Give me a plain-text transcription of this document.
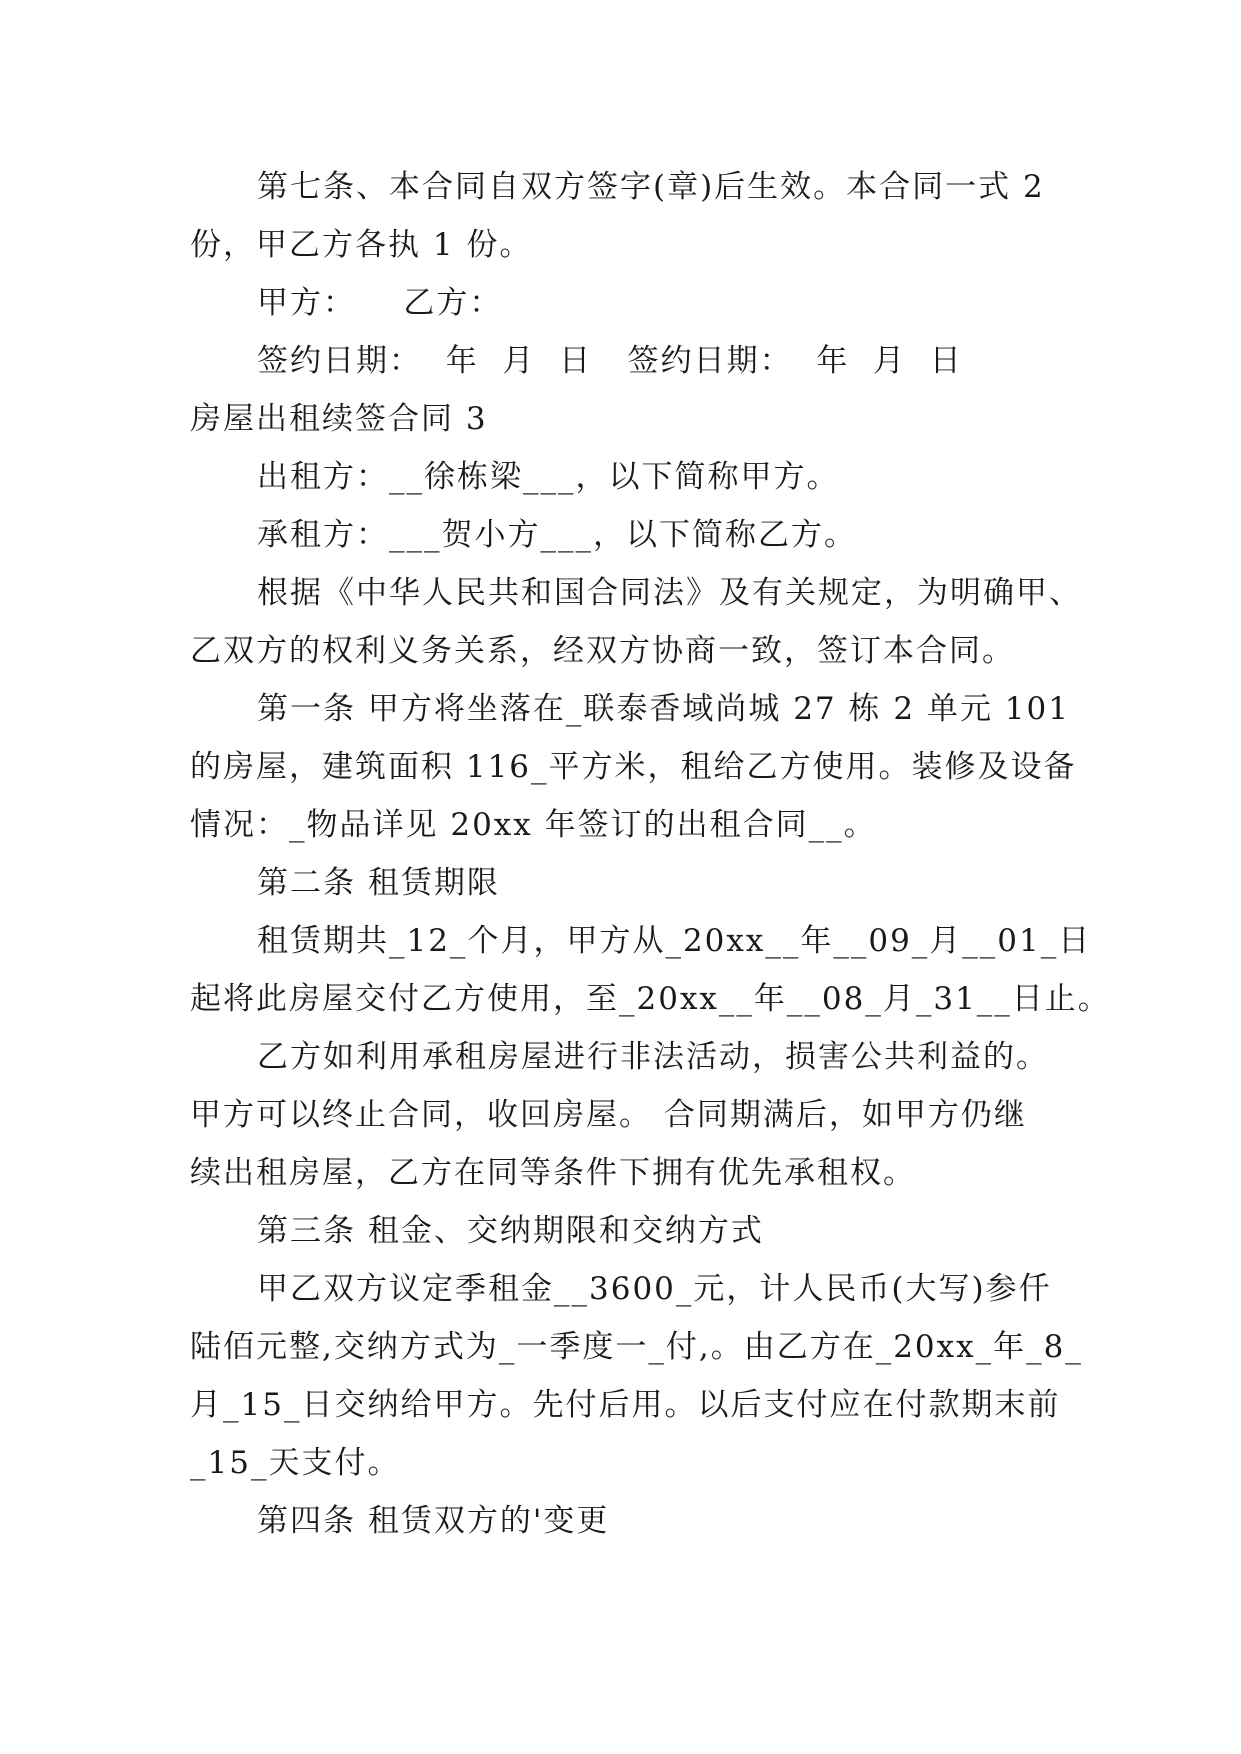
第七条、本合同自双方签字(章)后生效。本合同一式 2
份，甲乙方各执 1 份。
甲方：    乙方：
签约日期：  年  月  日   签约日期：  年  月  日
房屋出租续签合同 3
出租方：__徐栋梁___，以下简称甲方。
承租方：___贺小方___，以下简称乙方。
根据《中华人民共和国合同法》及有关规定，为明确甲、
乙双方的权利义务关系，经双方协商一致，签订本合同。
第一条 甲方将坐落在_联泰香域尚城 27 栋 2 单元 101
的房屋，建筑面积 116_平方米，租给乙方使用。装修及设备
情况：_物品详见 20xx 年签订的出租合同__。
第二条 租赁期限
租赁期共_12_个月，甲方从_20xx__年__09_月__01_日
起将此房屋交付乙方使用，至_20xx__年__08_月_31__日止。
乙方如利用承租房屋进行非法活动，损害公共利益的。
甲方可以终止合同，收回房屋。 合同期满后，如甲方仍继
续出租房屋，乙方在同等条件下拥有优先承租权。
第三条 租金、交纳期限和交纳方式
甲乙双方议定季租金__3600_元，计人民币(大写)参仟
陆佰元整,交纳方式为_一季度一_付,。由乙方在_20xx_年_8_
月_15_日交纳给甲方。先付后用。以后支付应在付款期末前
_15_天支付。
第四条 租赁双方的'变更
